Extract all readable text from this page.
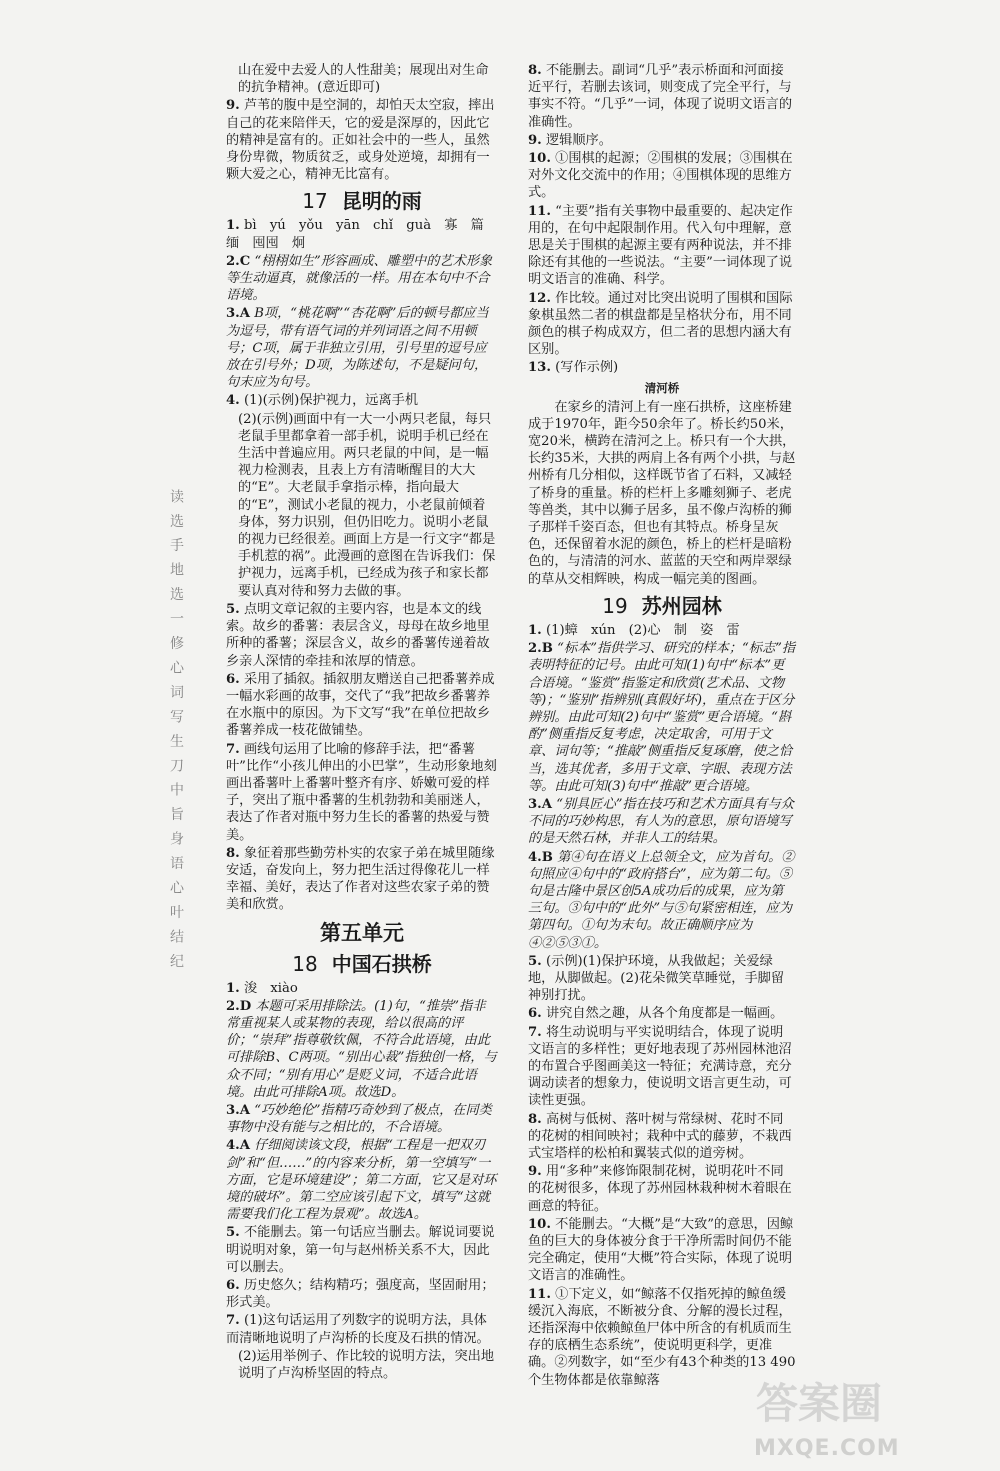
读 选 手 地 选 一 修 心 词 写 生 刀 中 旨 身 语 心 叶 结 纪
山在爱中去爱人的人性甜美；展现出对生命的抗争精神。(意近即可)
9. 芦苇的腹中是空洞的，却怕天太空寂，摔出自己的花来陪伴天，它的爱是深厚的，因此它的精神是富有的。正如社会中的一些人，虽然身份卑微，物质贫乏，或身处逆境，却拥有一颗大爱之心，精神无比富有。
17 昆明的雨
1. bì　yú　yǒu　yān　chǐ　guà　寡　篇　缅　囤囤　炯
2.C “栩栩如生”形容画成、雕塑中的艺术形象等生动逼真，就像活的一样。用在本句中不合语境。
3.A B项，“桃花啊”“杏花啊”后的顿号都应当为逗号，带有语气词的并列词语之间不用顿号；C项，属于非独立引用，引号里的逗号应放在引号外；D项，为陈述句，不是疑问句，句末应为句号。
4. (1)(示例)保护视力，远离手机
(2)(示例)画面中有一大一小两只老鼠，每只老鼠手里都拿着一部手机，说明手机已经在生活中普遍应用。两只老鼠的中间，是一幅视力检测表，且表上方有清晰醒目的大大的“E”。大老鼠手拿指示棒，指向最大的“E”，测试小老鼠的视力，小老鼠前倾着身体，努力识别，但仍旧吃力。说明小老鼠的视力已经很差。画面上方是一行文字“都是手机惹的祸”。此漫画的意图在告诉我们：保护视力，远离手机，已经成为孩子和家长都要认真对待和努力去做的事。
5. 点明文章记叙的主要内容，也是本文的线索。故乡的番薯：表层含义，母母在故乡地里所种的番薯；深层含义，故乡的番薯传递着故乡亲人深情的牵挂和浓厚的情意。
6. 采用了插叙。插叙朋友赠送自己把番薯养成一幅水彩画的故事，交代了“我”把故乡番薯养在水瓶中的原因。为下文写“我”在单位把故乡番薯养成一枝花做铺垫。
7. 画线句运用了比喻的修辞手法，把“番薯叶”比作“小孩儿伸出的小巴掌”，生动形象地刻画出番薯叶上番薯叶整齐有序、娇嫩可爱的样子，突出了瓶中番薯的生机勃勃和美丽迷人，表达了作者对瓶中努力生长的番薯的热爱与赞美。
8. 象征着那些勤劳朴实的农家子弟在城里随缘安适，奋发向上，努力把生活过得像花儿一样幸福、美好，表达了作者对这些农家子弟的赞美和欣赏。
第五单元
18 中国石拱桥
1. 浚　xiào
2.D 本题可采用排除法。(1)句，“推崇”指非常重视某人或某物的表现，给以很高的评价；“崇拜”指尊敬钦佩，不符合此语境，由此可排除B、C两项。“别出心裁”指独创一格，与众不同；“别有用心”是贬义词，不适合此语境。由此可排除A项。故选D。
3.A “巧妙绝伦”指精巧奇妙到了极点，在同类事物中没有能与之相比的，不合语境。
4.A 仔细阅读该文段，根据“工程是一把双刃剑”和“但……”的内容来分析，第一空填写“一方面，它是环境建设”；第二方面，它又是对环境的破坏”。第二空应该引起下文，填写“这就需要我们化工程为景观”。故选A。
5. 不能删去。第一句话应当删去。解说词要说明说明对象，第一句与赵州桥关系不大，因此可以删去。
6. 历史悠久；结构精巧；强度高，坚固耐用；形式美。
7. (1)这句话运用了列数字的说明方法，具体而清晰地说明了卢沟桥的长度及石拱的情况。
(2)运用举例子、作比较的说明方法，突出地说明了卢沟桥坚固的特点。
8. 不能删去。副词“几乎”表示桥面和河面接近平行，若删去该词，则变成了完全平行，与事实不符。“几乎”一词，体现了说明文语言的准确性。
9. 逻辑顺序。
10. ①围棋的起源；②围棋的发展；③围棋在对外文化交流中的作用；④围棋体现的思维方式。
11. “主要”指有关事物中最重要的、起决定作用的，在句中起限制作用。代入句中理解，意思是关于围棋的起源主要有两种说法，并不排除还有其他的一些说法。“主要”一词体现了说明文语言的准确、科学。
12. 作比较。通过对比突出说明了围棋和国际象棋虽然二者的棋盘都是呈格状分布，用不同颜色的棋子构成双方，但二者的思想内涵大有区别。
13. (写作示例)
清河桥
在家乡的清河上有一座石拱桥，这座桥建成于1970年，距今50余年了。桥长约50米，宽20米，横跨在清河之上。桥只有一个大拱，长约35米，大拱的两肩上各有两个小拱，与赵州桥有几分相似，这样既节省了石料，又减轻了桥身的重量。桥的栏杆上多雕刻狮子、老虎等兽类，其中以狮子居多，虽不像卢沟桥的狮子那样千姿百态，但也有其特点。桥身呈灰色，还保留着水泥的颜色，桥上的栏杆是暗粉色的，与清清的河水、蓝蓝的天空和两岸翠绿的草从交相辉映，构成一幅完美的图画。
19 苏州园林
1. (1)蟑　xún　(2)心　制　姿　雷
2.B “标本”指供学习、研究的样本；“标志”指表明特征的记号。由此可知(1)句中“标本”更合语境。“鉴赏”指鉴定和欣赏(艺术品、文物等)；“鉴别”指辨别(真假好坏)，重点在于区分辨别。由此可知(2)句中“鉴赏”更合语境。“斟酌”侧重指反复考虑，决定取舍，可用于文章、词句等；“推敲”侧重指反复琢磨，使之恰当，选其优者，多用于文章、字眼、表现方法等。由此可知(3)句中“推敲”更合语境。
3.A “别具匠心”指在技巧和艺术方面具有与众不同的巧妙构思，有人为的意思，原句语境写的是天然石林，并非人工的结果。
4.B 第④句在语义上总领全文，应为首句。②句照应④句中的“政府搭台”，应为第二句。⑤句是古隆中景区创5A成功后的成果，应为第三句。③句中的“此外”与⑤句紧密相连，应为第四句。①句为末句。故正确顺序应为④②⑤③①。
5. (示例)(1)保护环境，从我做起；关爱绿地，从脚做起。(2)花朵微笑草睡觉，手脚留神别打扰。
6. 讲究自然之趣，从各个角度都是一幅画。
7. 将生动说明与平实说明结合，体现了说明文语言的多样性；更好地表现了苏州园林池沼的布置合乎图画美这一特征；充满诗意，充分调动读者的想象力，使说明文语言更生动，可读性更强。
8. 高树与低树、落叶树与常绿树、花时不同的花树的相间映衬；栽种中式的藤萝，不栽西式宝塔样的松柏和翼装式似的道旁树。
9. 用“多种”来修饰限制花树，说明花叶不同的花树很多，体现了苏州园林栽种树木着眼在画意的特征。
10. 不能删去。“大概”是“大致”的意思，因鲸鱼的巨大的身体被分食于干净所需时间仍不能完全确定，使用“大概”符合实际，体现了说明文语言的准确性。
11. ①下定义，如“鲸落不仅指死掉的鲸鱼缓缓沉入海底，不断被分食、分解的漫长过程，还指深海中依赖鲸鱼尸体中所含的有机质而生存的底栖生态系统”，使说明更科学，更准确。②列数字，如“至少有43个种类的13 490个生物体都是依靠鲸落	答案圈
MXQE.COM
